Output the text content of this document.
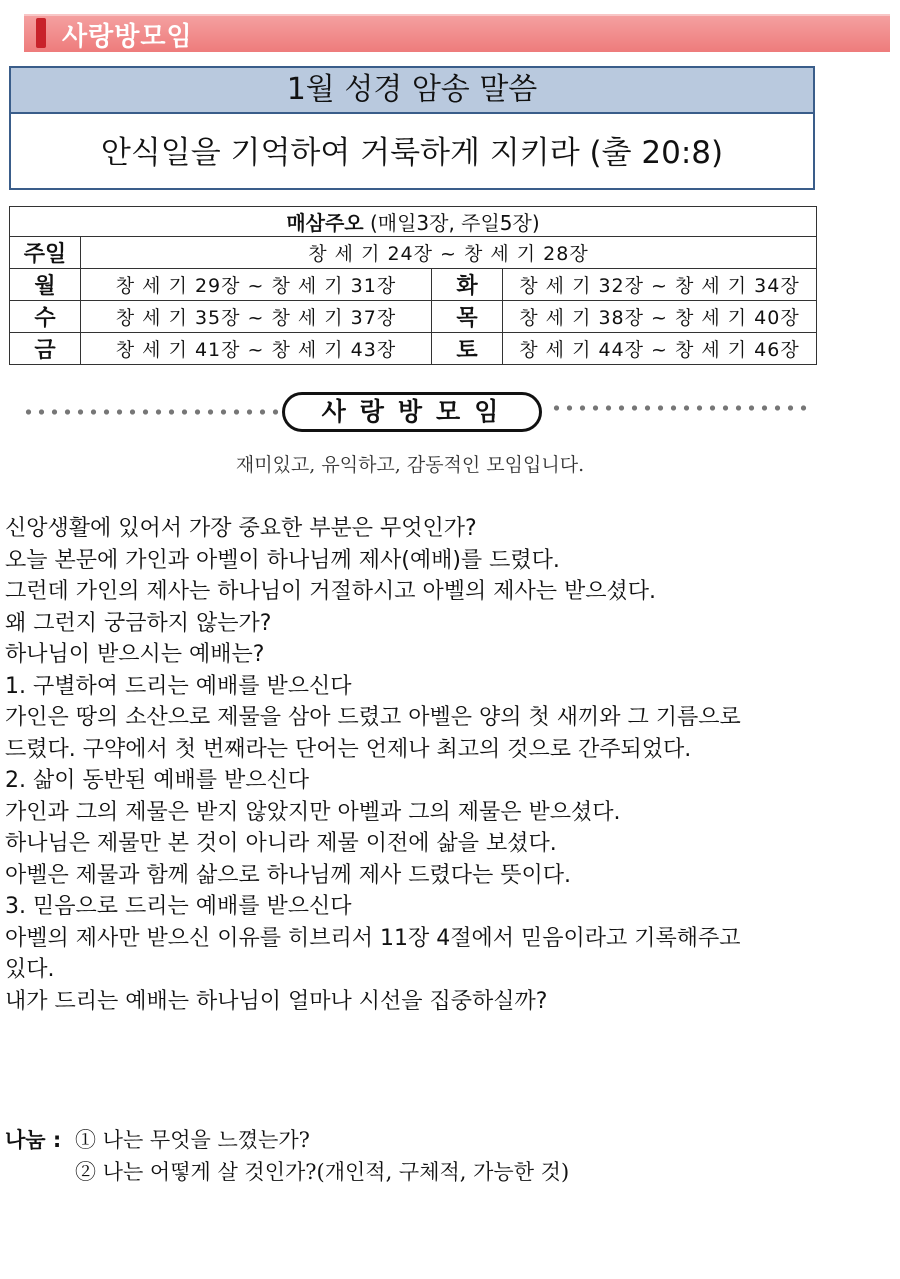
사랑방모임
1월 성경 암송 말씀
안식일을 기억하여 거룩하게 지키라 (출 20:8)
매삼주오 (매일3장, 주일5장)			
주일	창 세 기 24장 ~ 창 세 기 28장		
월	창 세 기 29장 ~ 창 세 기 31장	화	창 세 기 32장 ~ 창 세 기 34장
수	창 세 기 35장 ~ 창 세 기 37장	목	창 세 기 38장 ~ 창 세 기 40장
금	창 세 기 41장 ~ 창 세 기 43장	토	창 세 기 44장 ~ 창 세 기 46장
사랑방모임
재미있고, 유익하고, 감동적인 모임입니다.
신앙생활에 있어서 가장 중요한 부분은 무엇인가?
오늘 본문에 가인과 아벨이 하나님께 제사(예배)를 드렸다.
그런데 가인의 제사는 하나님이 거절하시고 아벨의 제사는 받으셨다.
왜 그런지 궁금하지 않는가?
하나님이 받으시는 예배는?
1. 구별하여 드리는 예배를 받으신다
가인은 땅의 소산으로 제물을 삼아 드렸고 아벨은 양의 첫 새끼와 그 기름으로
드렸다. 구약에서 첫 번째라는 단어는 언제나 최고의 것으로 간주되었다.
2. 삶이 동반된 예배를 받으신다
가인과 그의 제물은 받지 않았지만 아벨과 그의 제물은 받으셨다.
하나님은 제물만 본 것이 아니라 제물 이전에 삶을 보셨다.
아벨은 제물과 함께 삶으로 하나님께 제사 드렸다는 뜻이다.
3. 믿음으로 드리는 예배를 받으신다
아벨의 제사만 받으신 이유를 히브리서 11장 4절에서 믿음이라고 기록해주고
있다.
내가 드리는 예배는 하나님이 얼마나 시선을 집중하실까?
나눔 : ① 나는 무엇을 느꼈는가?
② 나는 어떻게 살 것인가?(개인적, 구체적, 가능한 것)
